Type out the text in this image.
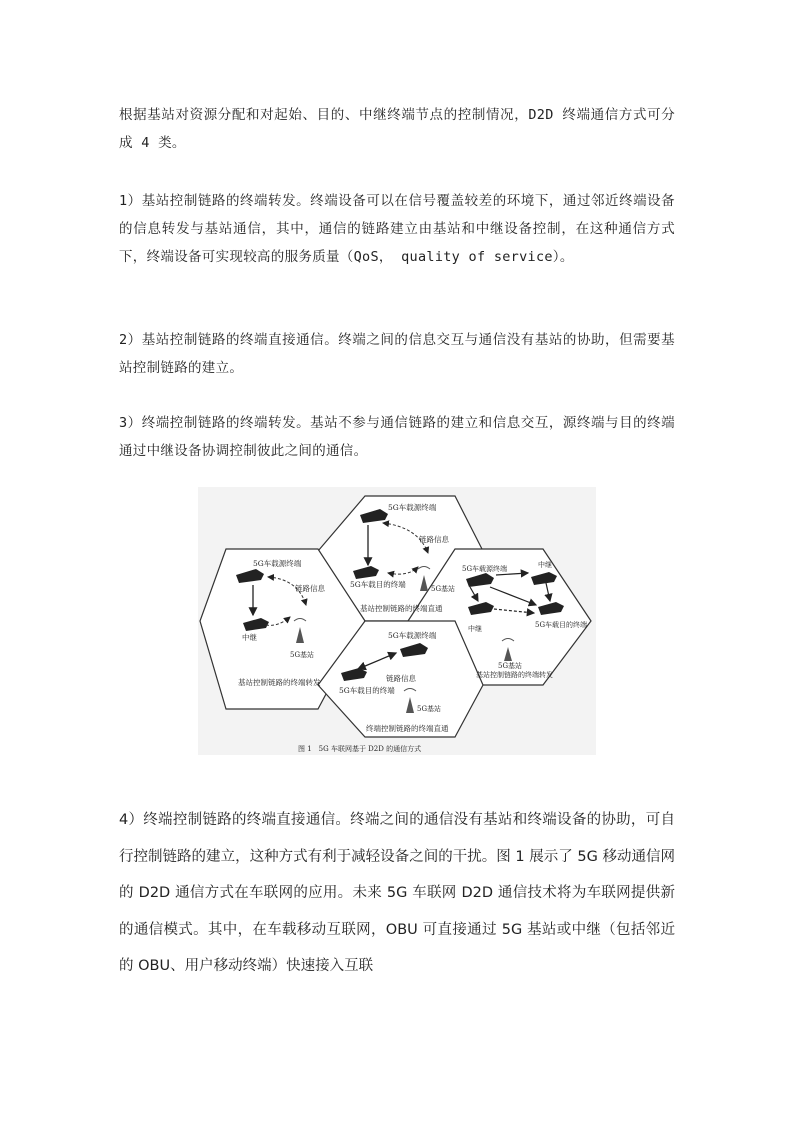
根据基站对资源分配和对起始、目的、中继终端节点的控制情况，D2D 终端通信方式可分成 4 类。

1）基站控制链路的终端转发。终端设备可以在信号覆盖较差的环境下，通过邻近终端设备的信息转发与基站通信，其中，通信的链路建立由基站和中继设备控制，在这种通信方式下，终端设备可实现较高的服务质量（QoS， quality of service）。

2）基站控制链路的终端直接通信。终端之间的信息交互与通信没有基站的协助，但需要基站控制链路的建立。

3）终端控制链路的终端转发。基站不参与通信链路的建立和信息交互，源终端与目的终端通过中继设备协调控制彼此之间的通信。

5G车载源终端
链路信息
5G车载目的终端	5G基站
基站控制链路的终端直通
5G车载源终端
链路信息
中继
5G基站
基站控制链路的终端转发
5G车载源终端	中继
5G车载目的终端
中继
5G基站
基站控制链路的终端转发
5G车载源终端
5G车载目的终端
链路信息
5G基站
终端控制链路的终端直通
图 1　5G 车联网基于 D2D 的通信方式

4）终端控制链路的终端直接通信。终端之间的通信没有基站和终端设备的协助，可自行控制链路的建立，这种方式有利于减轻设备之间的干扰。图 1 展示了 5G 移动通信网的 D2D 通信方式在车联网的应用。未来 5G 车联网 D2D 通信技术将为车联网提供新的通信模式。其中，在车载移动互联网，OBU 可直接通过 5G 基站或中继（包括邻近的 OBU、用户移动终端）快速接入互联
